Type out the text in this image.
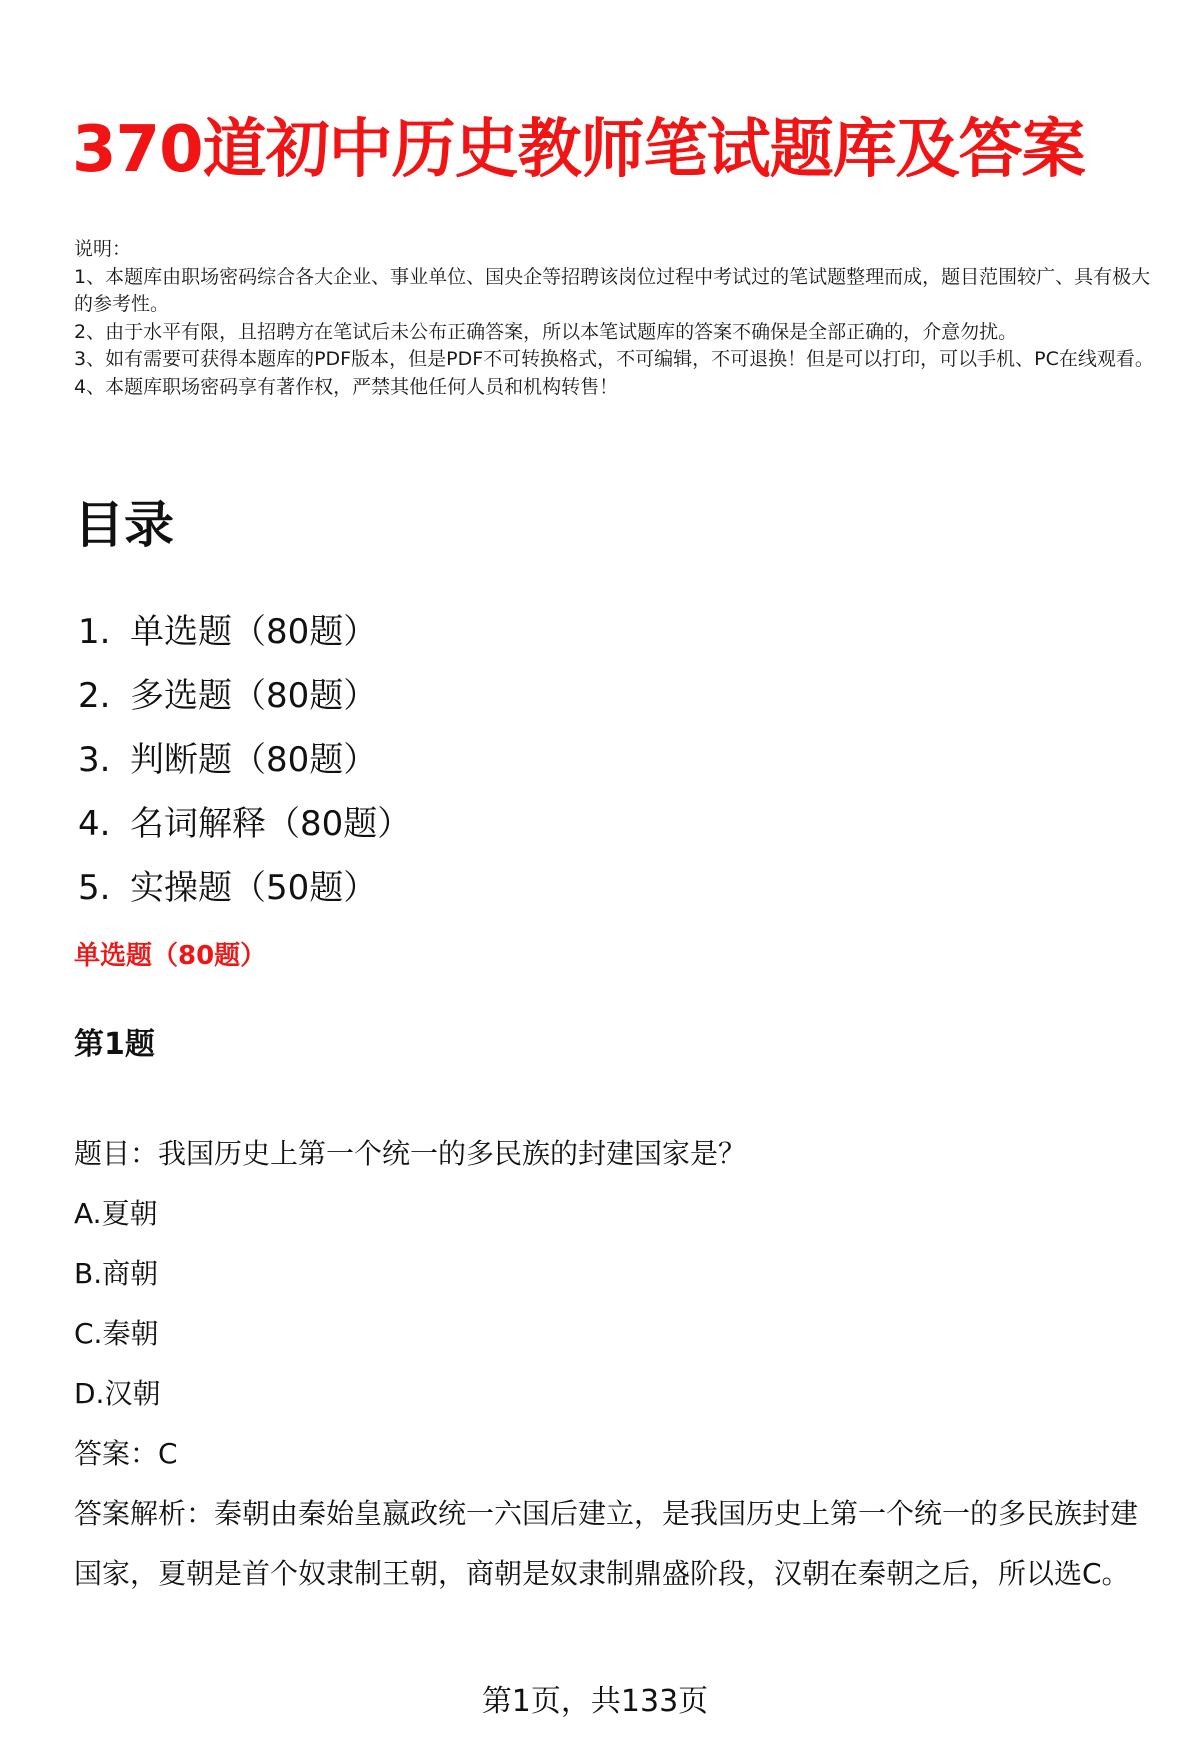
370道初中历史教师笔试题库及答案
说明：
1、本题库由职场密码综合各大企业、事业单位、国央企等招聘该岗位过程中考试过的笔试题整理而成，题目范围较广、具有极大的参考性。
2、由于水平有限，且招聘方在笔试后未公布正确答案，所以本笔试题库的答案不确保是全部正确的，介意勿扰。
3、如有需要可获得本题库的PDF版本，但是PDF不可转换格式，不可编辑，不可退换！但是可以打印，可以手机、PC在线观看。
4、本题库职场密码享有著作权，严禁其他任何人员和机构转售！
目录
1. 单选题（80题）
2. 多选题（80题）
3. 判断题（80题）
4. 名词解释（80题）
5. 实操题（50题）
单选题（80题）
第1题
题目：我国历史上第一个统一的多民族的封建国家是？
A.夏朝
B.商朝
C.秦朝
D.汉朝
答案：C
答案解析：秦朝由秦始皇嬴政统一六国后建立，是我国历史上第一个统一的多民族封建国家，夏朝是首个奴隶制王朝，商朝是奴隶制鼎盛阶段，汉朝在秦朝之后，所以选C。
第1页，共133页
